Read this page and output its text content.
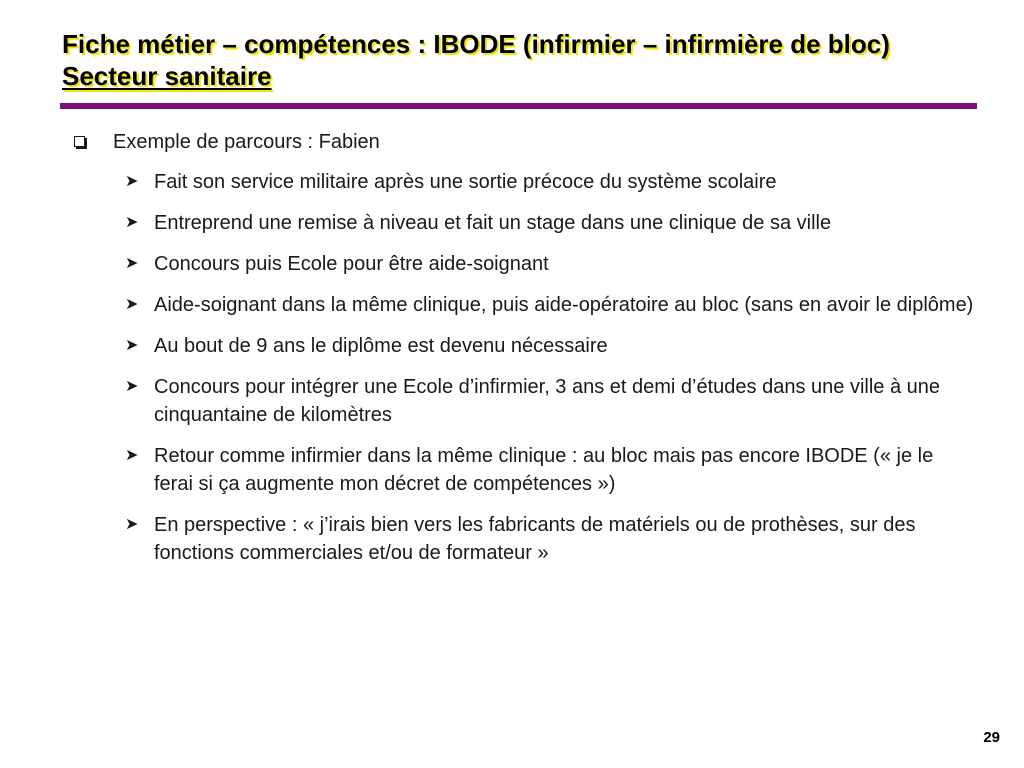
Fiche métier – compétences : IBODE (infirmier – infirmière de bloc)
Secteur sanitaire
Exemple de parcours : Fabien
➤ Fait son service militaire après une sortie précoce du système scolaire
➤ Entreprend une remise à niveau et fait un stage dans une clinique de sa ville
➤ Concours puis Ecole pour être aide-soignant
➤ Aide-soignant dans la même clinique, puis aide-opératoire au bloc (sans en avoir le diplôme)
➤ Au bout de 9 ans le diplôme est devenu nécessaire
➤ Concours pour intégrer une Ecole d’infirmier, 3 ans et demi d’études dans une ville à une cinquantaine de kilomètres
➤ Retour comme infirmier dans la même clinique : au bloc mais pas encore IBODE (« je le ferai si ça augmente mon décret de compétences »)
➤ En perspective : « j’irais bien vers les fabricants de matériels ou de prothèses, sur des fonctions commerciales et/ou de formateur »
29
